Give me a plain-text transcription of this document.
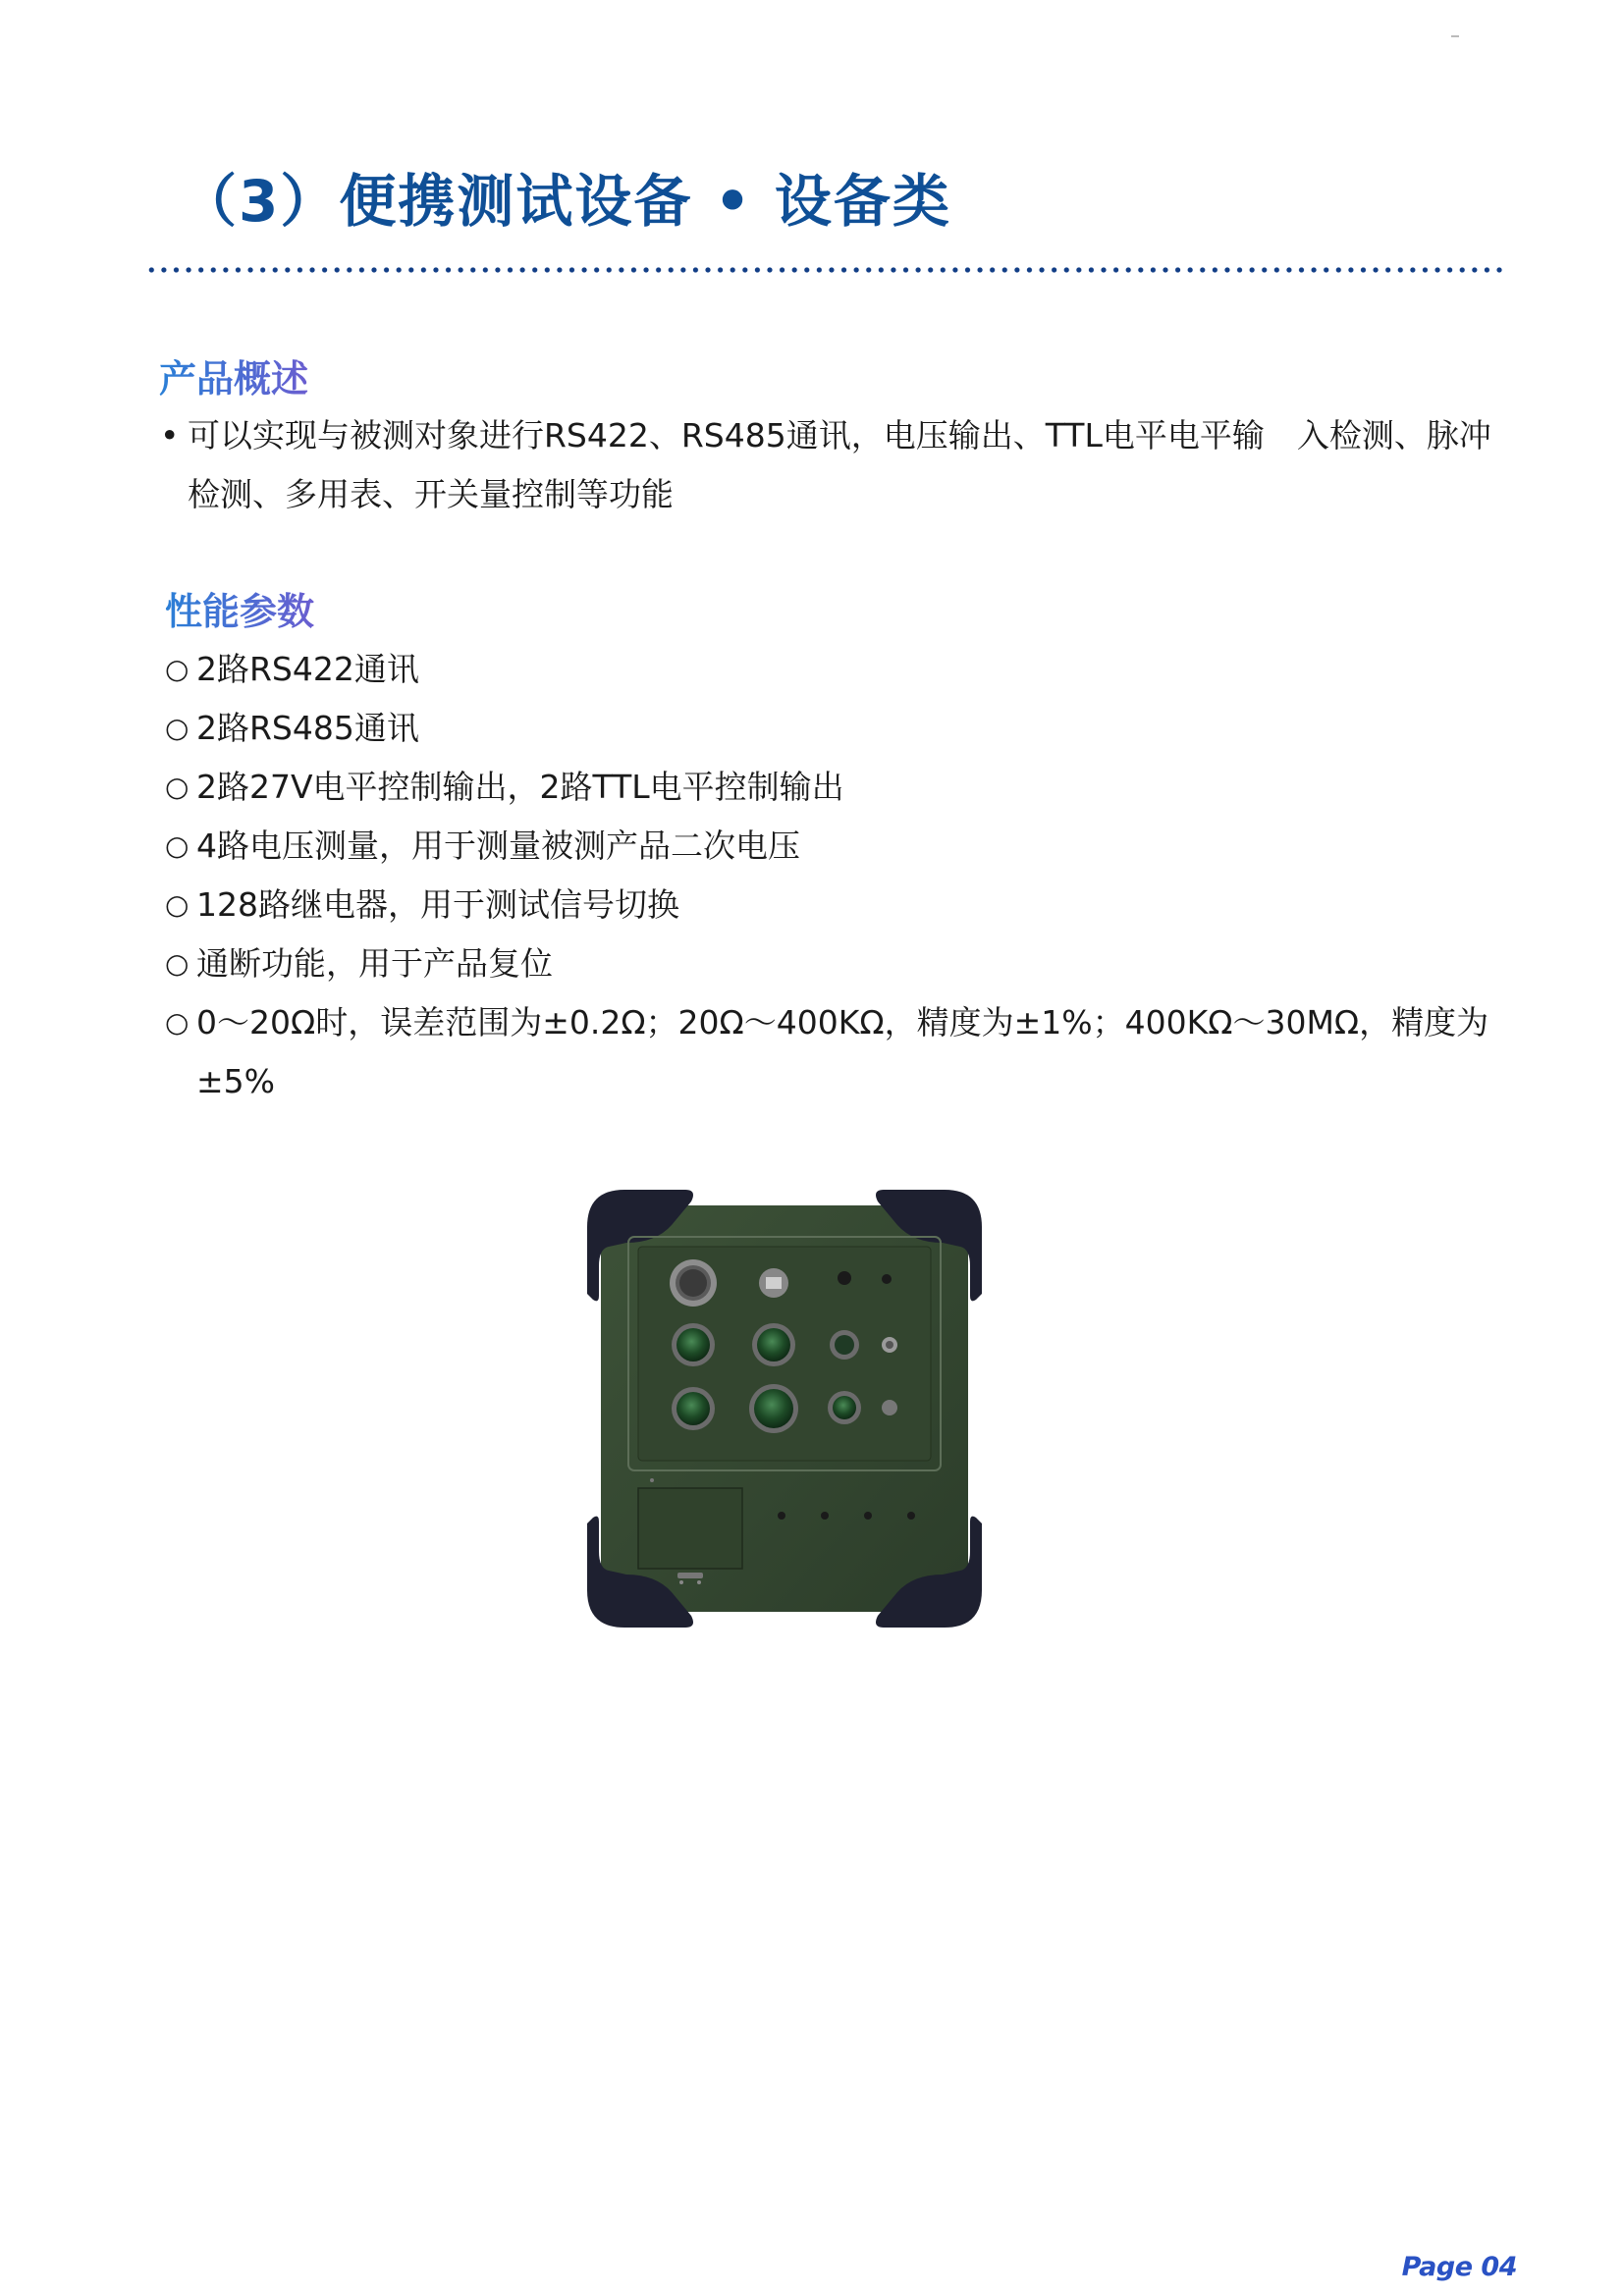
（3）便携测试设备 • 设备类
产品概述
• 可以实现与被测对象进行RS422、RS485通讯，电压输出、TTL电平电平输　入检测、脉冲检测、多用表、开关量控制等功能
性能参数
○ 2路RS422通讯
○ 2路RS485通讯
○ 2路27V电平控制输出，2路TTL电平控制输出
○ 4路电压测量，用于测量被测产品二次电压
○ 128路继电器，用于测试信号切换
○ 通断功能，用于产品复位
○ 0～20Ω时，误差范围为±0.2Ω；20Ω～400KΩ，精度为±1%；400KΩ～30MΩ，精度为±5%
Page 04
